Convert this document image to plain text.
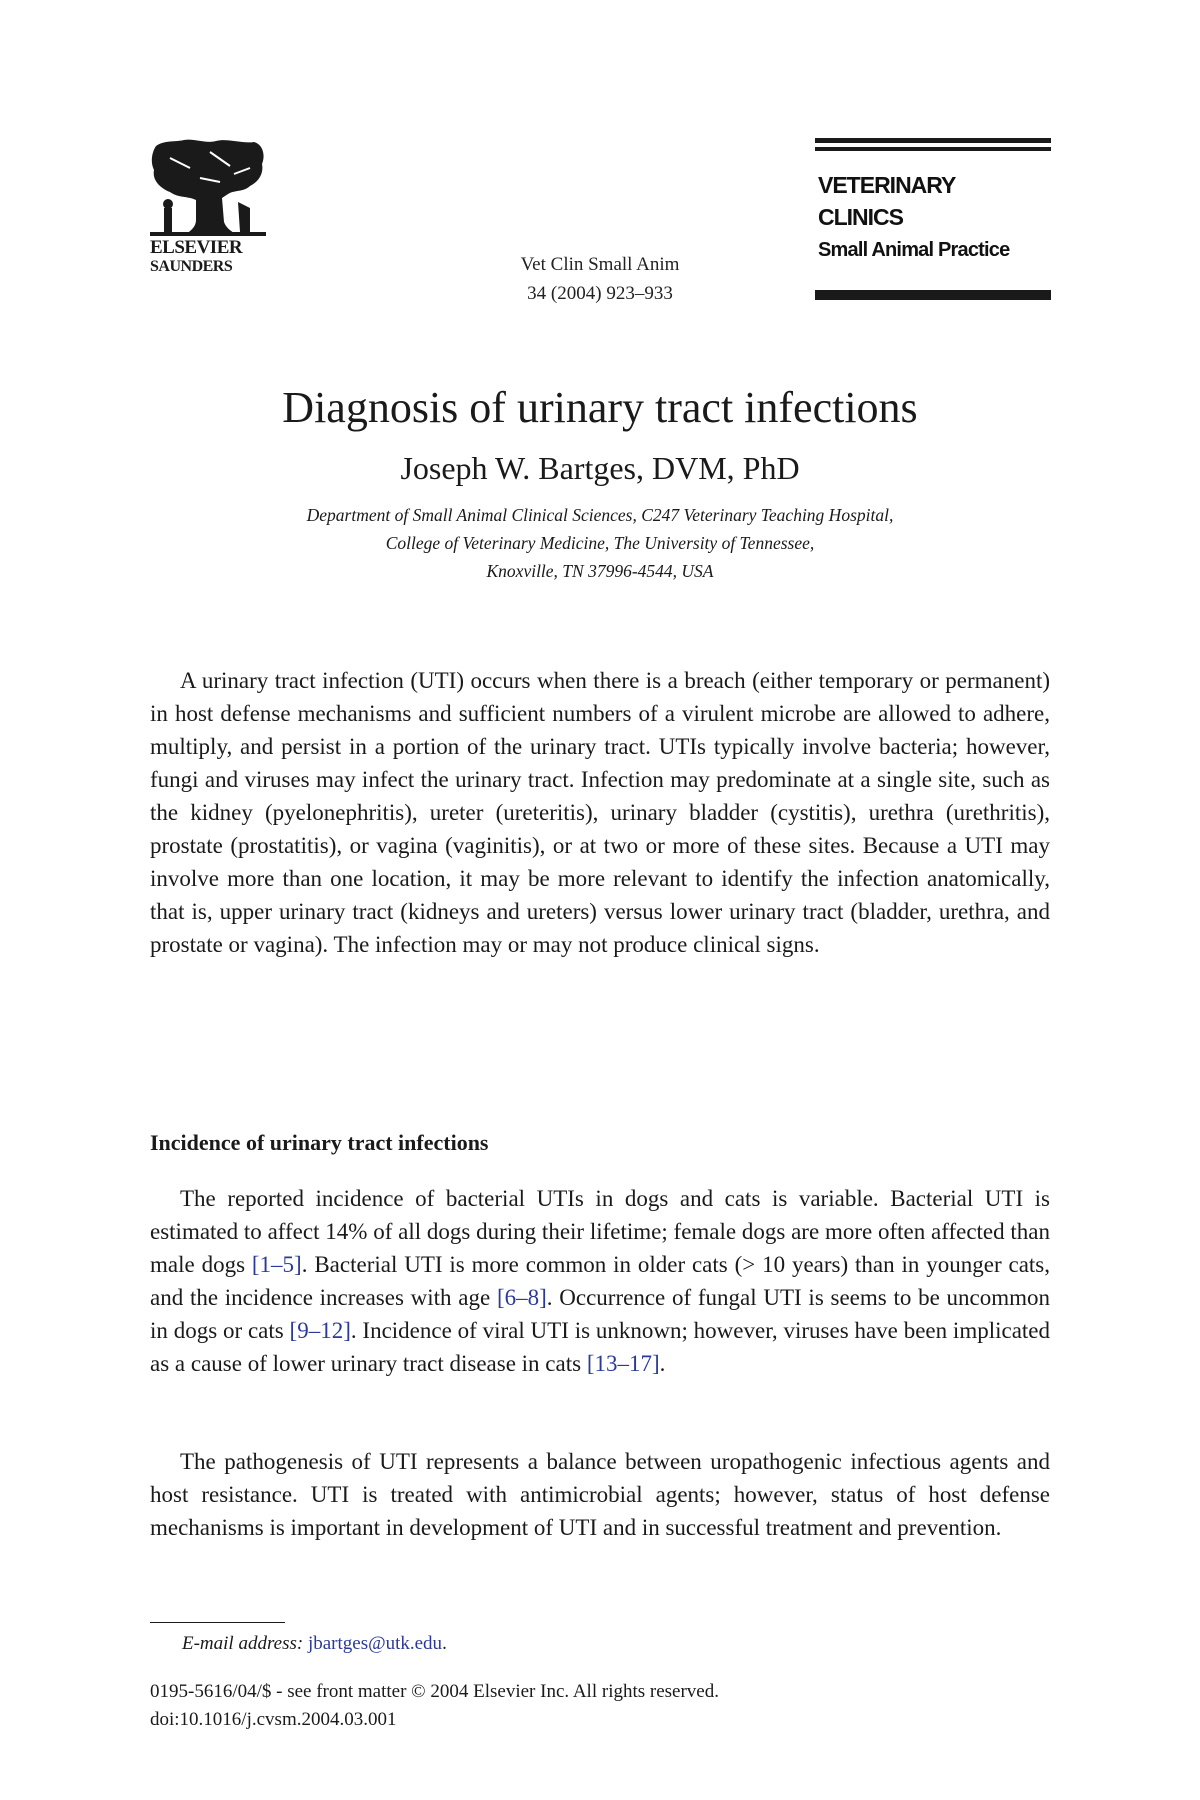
ELSEVIER
SAUNDERS	Vet Clin Small Anim
34 (2004) 923–933
VETERINARY
CLINICS
Small Animal Practice
Diagnosis of urinary tract infections
Joseph W. Bartges, DVM, PhD
Department of Small Animal Clinical Sciences, C247 Veterinary Teaching Hospital,
College of Veterinary Medicine, The University of Tennessee,
Knoxville, TN 37996-4544, USA

A urinary tract infection (UTI) occurs when there is a breach (either temporary or permanent) in host defense mechanisms and sufficient numbers of a virulent microbe are allowed to adhere, multiply, and persist in a portion of the urinary tract. UTIs typically involve bacteria; however, fungi and viruses may infect the urinary tract. Infection may predominate at a single site, such as the kidney (pyelonephritis), ureter (ureteritis), urinary bladder (cystitis), urethra (urethritis), prostate (prostatitis), or vagina (vaginitis), or at two or more of these sites. Because a UTI may involve more than one location, it may be more relevant to identify the infection anatomically, that is, upper urinary tract (kidneys and ureters) versus lower urinary tract (bladder, urethra, and prostate or vagina). The infection may or may not produce clinical signs.

Incidence of urinary tract infections

The reported incidence of bacterial UTIs in dogs and cats is variable. Bacterial UTI is estimated to affect 14% of all dogs during their lifetime; female dogs are more often affected than male dogs [1–5]. Bacterial UTI is more common in older cats (> 10 years) than in younger cats, and the incidence increases with age [6–8]. Occurrence of fungal UTI is seems to be uncommon in dogs or cats [9–12]. Incidence of viral UTI is unknown; however, viruses have been implicated as a cause of lower urinary tract disease in cats [13–17].

The pathogenesis of UTI represents a balance between uropathogenic infectious agents and host resistance. UTI is treated with antimicrobial agents; however, status of host defense mechanisms is important in development of UTI and in successful treatment and prevention.

E-mail address: jbartges@utk.edu.
0195-5616/04/$ - see front matter © 2004 Elsevier Inc. All rights reserved.
doi:10.1016/j.cvsm.2004.03.001
